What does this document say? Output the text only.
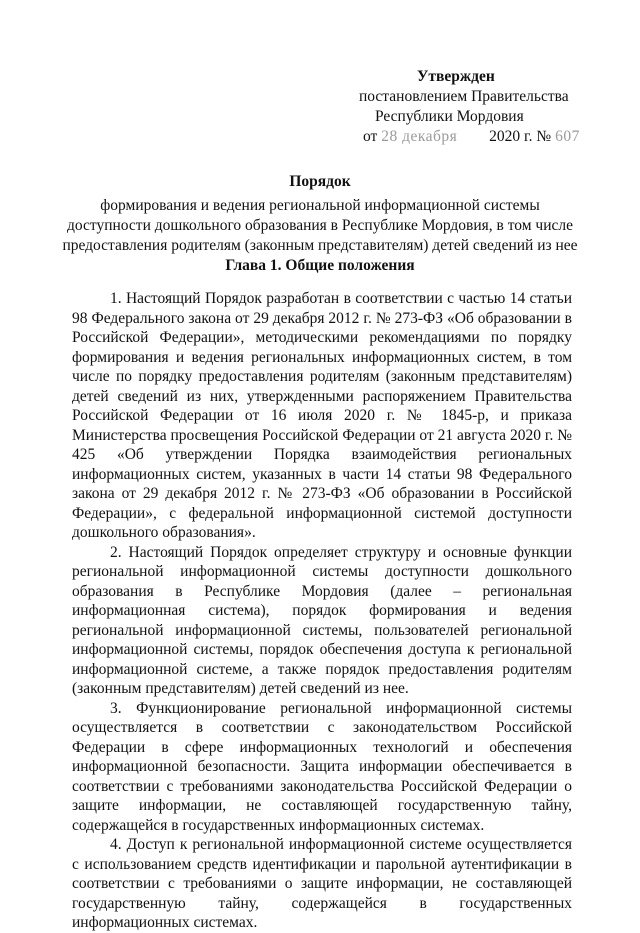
Утвержден
постановлением Правительства
Республики Мордовия
от 28 декабря 2020 г. № 607
Порядок
формирования и ведения региональной информационной системы доступности дошкольного образования в Республике Мордовия, в том числе предоставления родителям (законным представителям) детей сведений из нее
Глава 1. Общие положения

1. Настоящий Порядок разработан в соответствии с частью 14 статьи 98 Федерального закона от 29 декабря 2012 г. № 273-ФЗ «Об образовании в Российской Федерации», методическими рекомендациями по порядку формирования и ведения региональных информационных систем, в том числе по порядку предоставления родителям (законным представителям) детей сведений из них, утвержденными распоряжением Правительства Российской Федерации от 16 июля 2020 г. № 1845-р, и приказа Министерства просвещения Российской Федерации от 21 августа 2020 г. № 425 «Об утверждении Порядка взаимодействия региональных информационных систем, указанных в части 14 статьи 98 Федерального закона от 29 декабря 2012 г. № 273-ФЗ «Об образовании в Российской Федерации», с федеральной информационной системой доступности дошкольного образования».

2. Настоящий Порядок определяет структуру и основные функции региональной информационной системы доступности дошкольного образования в Республике Мордовия (далее – региональная информационная система), порядок формирования и ведения региональной информационной системы, пользователей региональной информационной системы, порядок обеспечения доступа к региональной информационной системе, а также порядок предоставления родителям (законным представителям) детей сведений из нее.

3. Функционирование региональной информационной системы осуществляется в соответствии с законодательством Российской Федерации в сфере информационных технологий и обеспечения информационной безопасности. Защита информации обеспечивается в соответствии с требованиями законодательства Российской Федерации о защите информации, не составляющей государственную тайну, содержащейся в государственных информационных системах.

4. Доступ к региональной информационной системе осуществляется с использованием средств идентификации и парольной аутентификации в соответствии с требованиями о защите информации, не составляющей государственную тайну, содержащейся в государственных информационных системах.
